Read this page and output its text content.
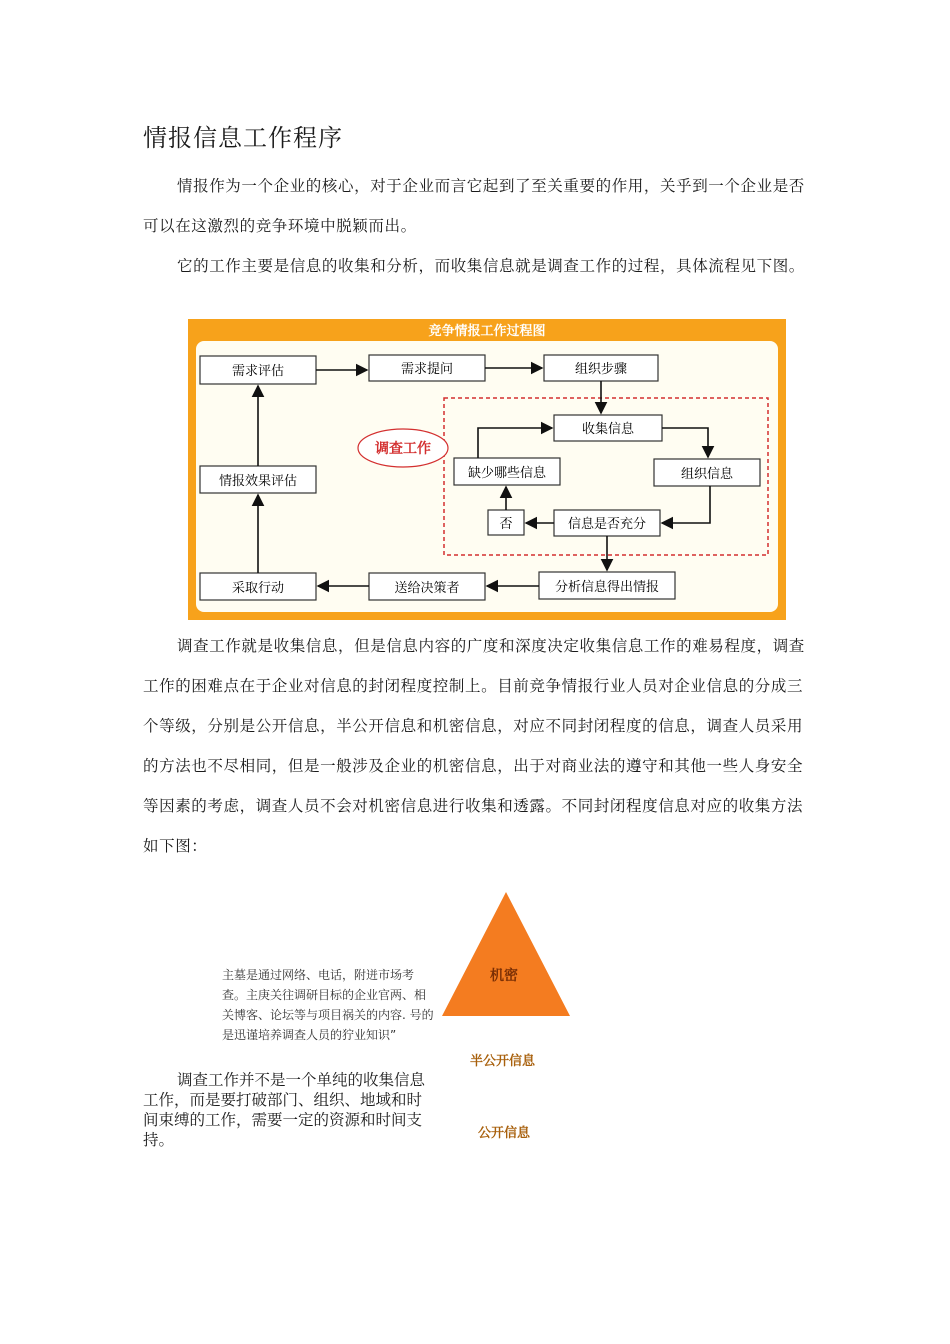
情报信息工作程序
情报作为一个企业的核心，对于企业而言它起到了至关重要的作用，关乎到一个企业是否可以在这激烈的竞争环境中脱颖而出。
它的工作主要是信息的收集和分析，而收集信息就是调查工作的过程，具体流程见下图。
竞争情报工作过程图
调查工作
需求评估	需求提问	组织步骤
收集信息
缺少哪些信息	组织信息
否	信息是否充分
情报效果评估
采取行动	送给决策者	分析信息得出情报
调查工作就是收集信息，但是信息内容的广度和深度决定收集信息工作的难易程度，调查工作的困难点在于企业对信息的封闭程度控制上。目前竞争情报行业人员对企业信息的分成三个等级，分别是公开信息，半公开信息和机密信息，对应不同封闭程度的信息，调查人员采用的方法也不尽相同，但是一般涉及企业的机密信息，出于对商业法的遵守和其他一些人身安全等因素的考虑，调查人员不会对机密信息进行收集和透露。不同封闭程度信息对应的收集方法如下图：
机密
半公开信息
公开信息
主墓是通过网络、电话，附迸市场考查。主庚关往调研目标的企业官两、相关博客、论坛等与项目祸关的内容. 号的是迅谨培养调查人员的狞业知识”
调查工作并不是一个单纯的收集信息工作，而是要打破部门、组织、地域和时间束缚的工作，需要一定的资源和时间支持。
